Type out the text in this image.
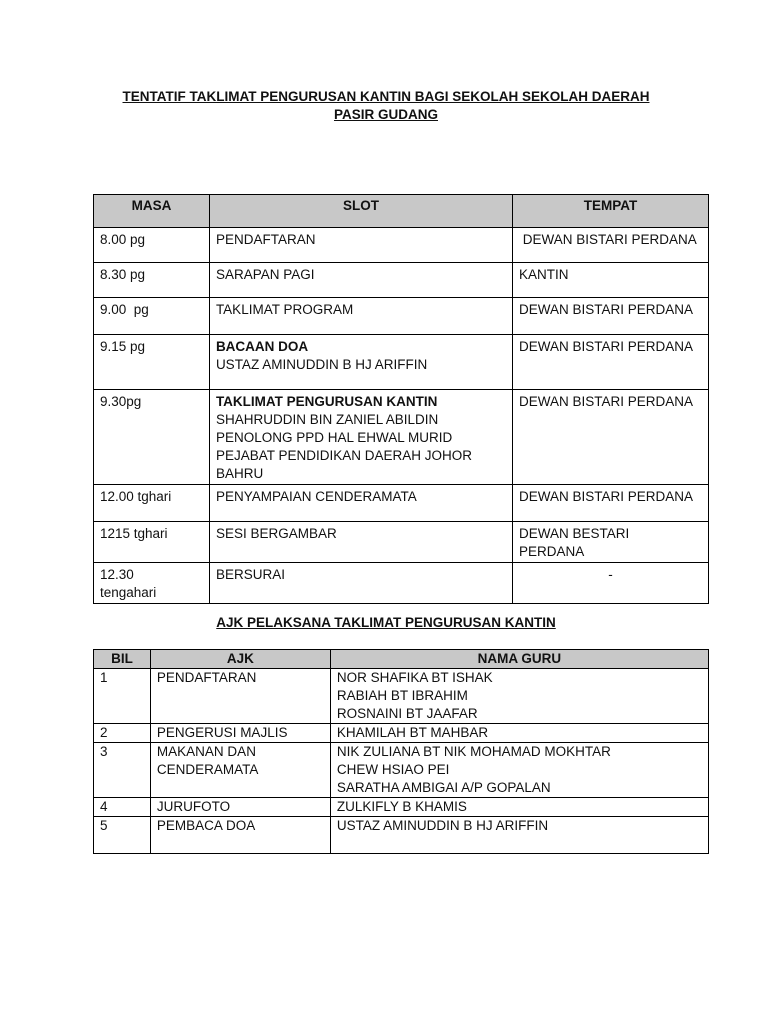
TENTATIF TAKLIMAT PENGURUSAN KANTIN BAGI SEKOLAH SEKOLAH DAERAH
PASIR GUDANG
MASA	SLOT	TEMPAT
8.00 pg	PENDAFTARAN	DEWAN BISTARI PERDANA
8.30 pg	SARAPAN PAGI	KANTIN
9.00  pg	TAKLIMAT PROGRAM	DEWAN BISTARI PERDANA
9.15 pg	BACAAN DOA
USTAZ AMINUDDIN B HJ ARIFFIN	DEWAN BISTARI PERDANA
9.30pg	TAKLIMAT PENGURUSAN KANTIN
SHAHRUDDIN BIN ZANIEL ABILDIN
PENOLONG PPD HAL EHWAL MURID
PEJABAT PENDIDIKAN DAERAH JOHOR BAHRU	DEWAN BISTARI PERDANA
12.00 tghari	PENYAMPAIAN CENDERAMATA	DEWAN BISTARI PERDANA
1215 tghari	SESI BERGAMBAR	DEWAN BESTARI PERDANA
12.30 tengahari	BERSURAI	-
AJK PELAKSANA TAKLIMAT PENGURUSAN KANTIN
BIL	AJK	NAMA GURU
1	PENDAFTARAN	NOR SHAFIKA BT ISHAK
RABIAH BT IBRAHIM
ROSNAINI BT JAAFAR

2	PENGERUSI MAJLIS	KHAMILAH BT MAHBAR

3	MAKANAN DAN CENDERAMATA	NIK ZULIANA BT NIK MOHAMAD MOKHTAR
CHEW HSIAO PEI
SARATHA AMBIGAI A/P GOPALAN

4	JURUFOTO	ZULKIFLY B KHAMIS

5	PEMBACA DOA	USTAZ AMINUDDIN B HJ ARIFFIN
